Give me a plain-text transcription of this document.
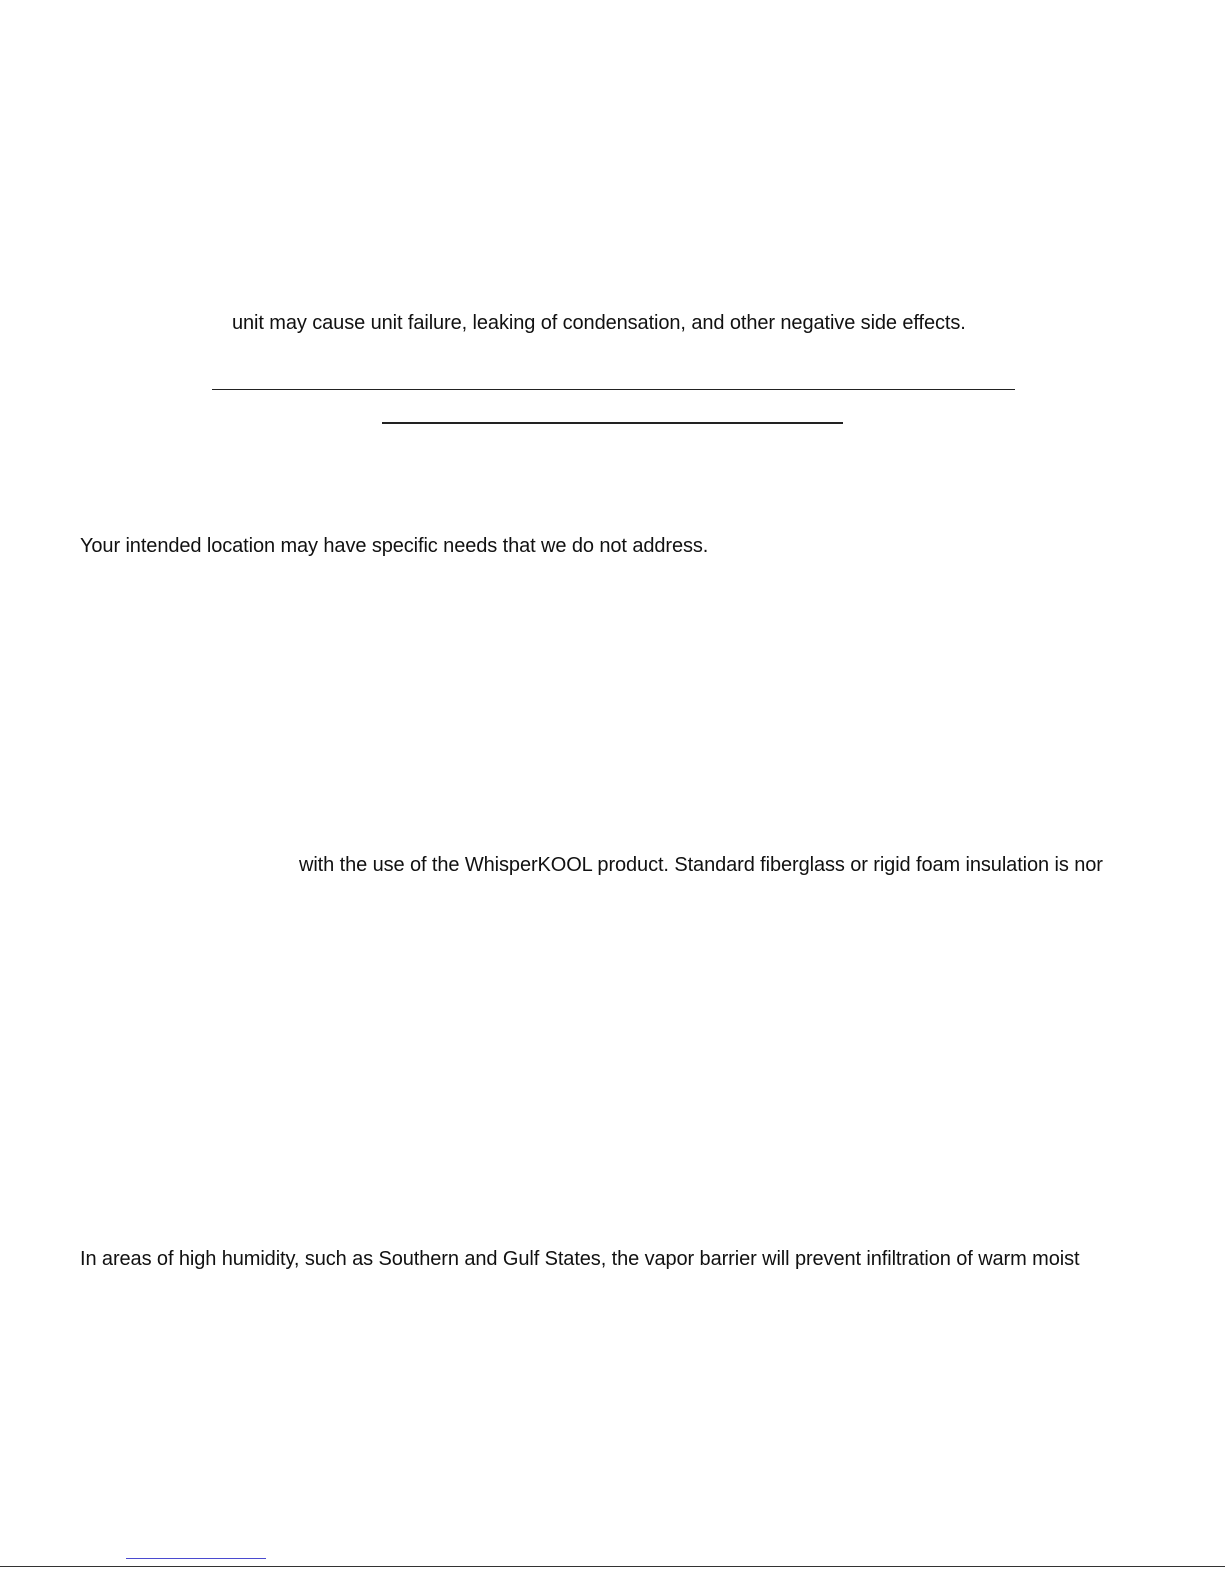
unit may cause unit failure, leaking of condensation, and other negative side effects.
Your intended location may have specific needs that we do not address.
with the use of the WhisperKOOL product. Standard fiberglass or rigid foam insulation is nor
In areas of high humidity, such as Southern and Gulf States, the vapor barrier will prevent infiltration of warm moist
